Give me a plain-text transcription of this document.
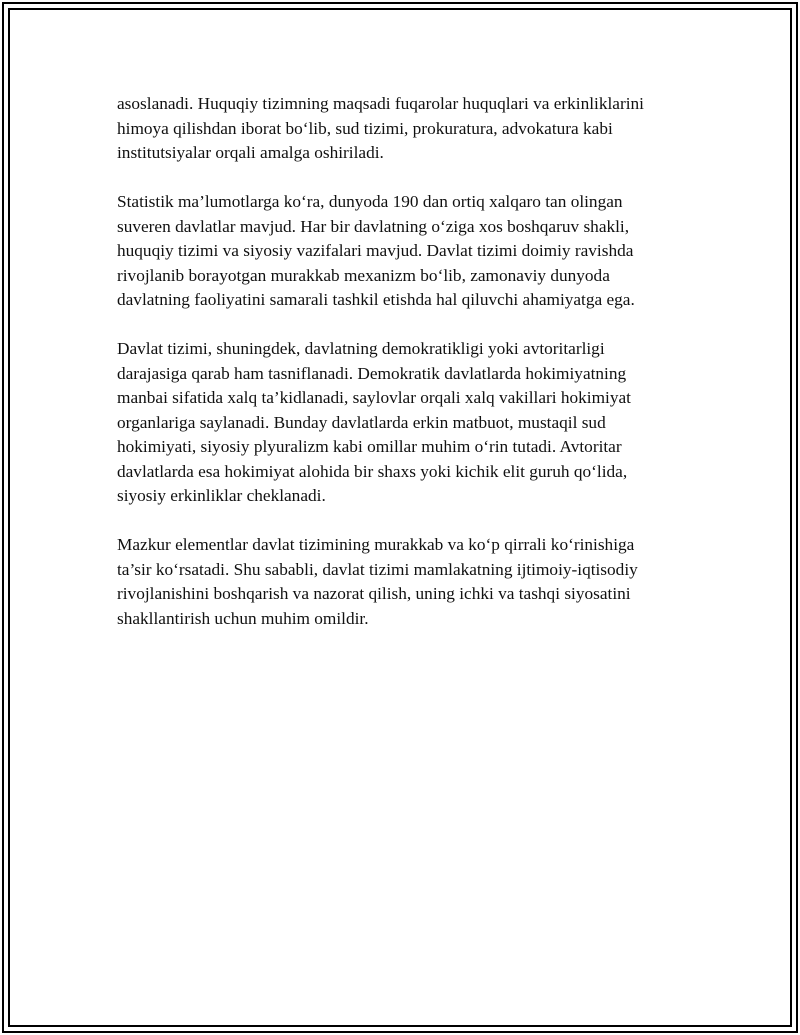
asoslanadi. Huquqiy tizimning maqsadi fuqarolar huquqlari va erkinliklarini
himoya qilishdan iborat bo‘lib, sud tizimi, prokuratura, advokatura kabi
institutsiyalar orqali amalga oshiriladi.

Statistik ma’lumotlarga ko‘ra, dunyoda 190 dan ortiq xalqaro tan olingan
suveren davlatlar mavjud. Har bir davlatning o‘ziga xos boshqaruv shakli,
huquqiy tizimi va siyosiy vazifalari mavjud. Davlat tizimi doimiy ravishda
rivojlanib borayotgan murakkab mexanizm bo‘lib, zamonaviy dunyoda
davlatning faoliyatini samarali tashkil etishda hal qiluvchi ahamiyatga ega.

Davlat tizimi, shuningdek, davlatning demokratikligi yoki avtoritarligi
darajasiga qarab ham tasniflanadi. Demokratik davlatlarda hokimiyatning
manbai sifatida xalq ta’kidlanadi, saylovlar orqali xalq vakillari hokimiyat
organlariga saylanadi. Bunday davlatlarda erkin matbuot, mustaqil sud
hokimiyati, siyosiy plyuralizm kabi omillar muhim o‘rin tutadi. Avtoritar
davlatlarda esa hokimiyat alohida bir shaxs yoki kichik elit guruh qo‘lida,
siyosiy erkinliklar cheklanadi.

Mazkur elementlar davlat tizimining murakkab va ko‘p qirrali ko‘rinishiga
ta’sir ko‘rsatadi. Shu sababli, davlat tizimi mamlakatning ijtimoiy-iqtisodiy
rivojlanishini boshqarish va nazorat qilish, uning ichki va tashqi siyosatini
shakllantirish uchun muhim omildir.
